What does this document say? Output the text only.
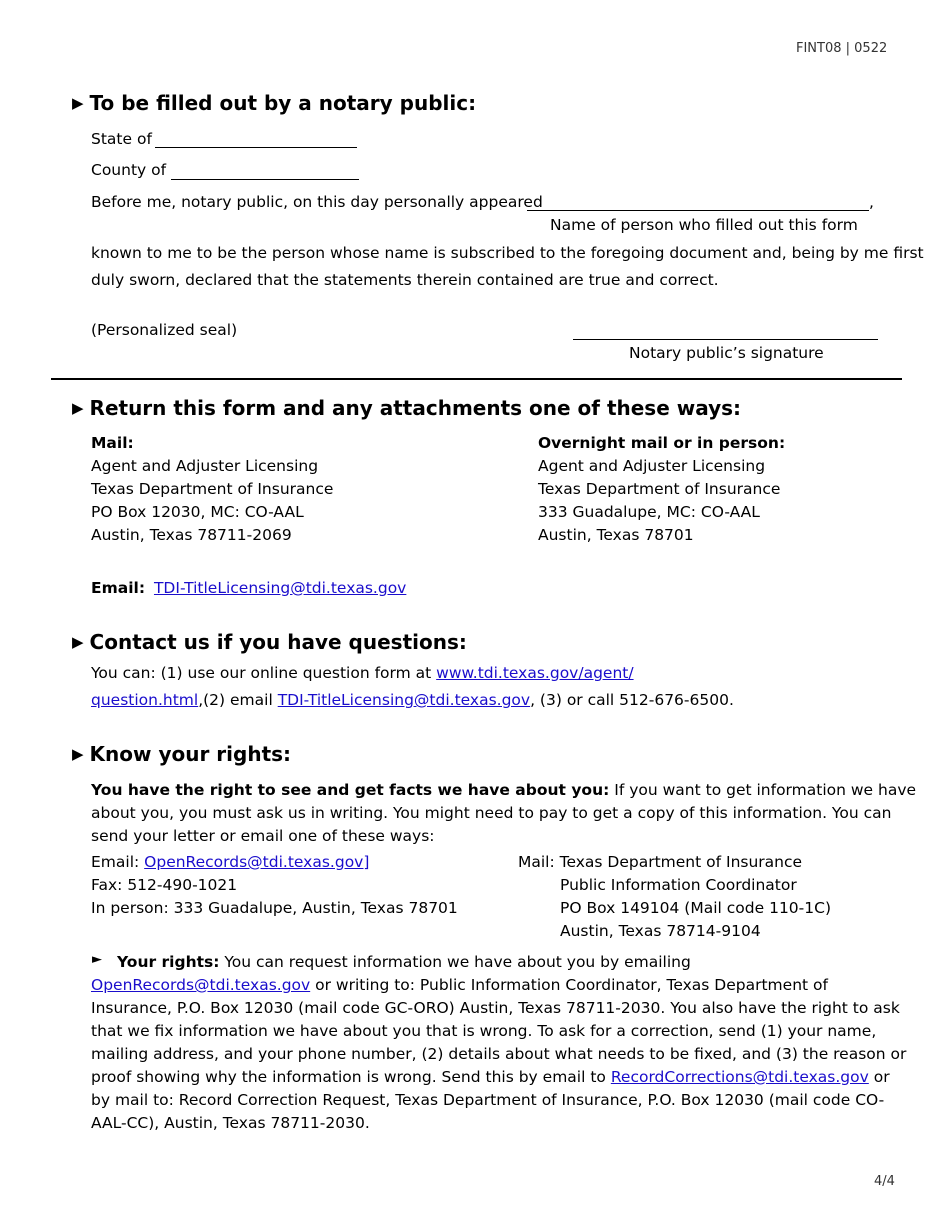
FINT08 | 0522
▶ To be filled out by a notary public:
State of
County of
Before me, notary public, on this day personally appeared	,
Name of person who filled out this form
known to me to be the person whose name is subscribed to the foregoing document and, being by me first
duly sworn, declared that the statements therein contained are true and correct.
(Personalized seal)
Notary public’s signature
▶ Return this form and any attachments one of these ways:
Mail:
Agent and Adjuster Licensing
Texas Department of Insurance
PO Box 12030, MC: CO-AAL
Austin, Texas 78711-2069
Overnight mail or in person:
Agent and Adjuster Licensing
Texas Department of Insurance
333 Guadalupe, MC: CO-AAL
Austin, Texas 78701
Email: TDI-TitleLicensing@tdi.texas.gov
▶ Contact us if you have questions:
You can: (1) use our online question form at www.tdi.texas.gov/agent/
question.html,(2) email TDI-TitleLicensing@tdi.texas.gov, (3) or call 512-676-6500.
▶ Know your rights:
You have the right to see and get facts we have about you: If you want to get information we have
about you, you must ask us in writing. You might need to pay to get a copy of this information. You can
send your letter or email one of these ways:
Email: OpenRecords@tdi.texas.gov]
Fax: 512-490-1021
In person: 333 Guadalupe, Austin, Texas 78701
Mail: Texas Department of Insurance
Public Information Coordinator
PO Box 149104 (Mail code 110-1C)
Austin, Texas 78714-9104
► Your rights: You can request information we have about you by emailing
OpenRecords@tdi.texas.gov or writing to: Public Information Coordinator, Texas Department of
Insurance, P.O. Box 12030 (mail code GC-ORO) Austin, Texas 78711-2030. You also have the right to ask
that we fix information we have about you that is wrong. To ask for a correction, send (1) your name,
mailing address, and your phone number, (2) details about what needs to be fixed, and (3) the reason or
proof showing why the information is wrong. Send this by email to RecordCorrections@tdi.texas.gov or
by mail to: Record Correction Request, Texas Department of Insurance, P.O. Box 12030 (mail code CO-
AAL-CC), Austin, Texas 78711-2030.
4/4
